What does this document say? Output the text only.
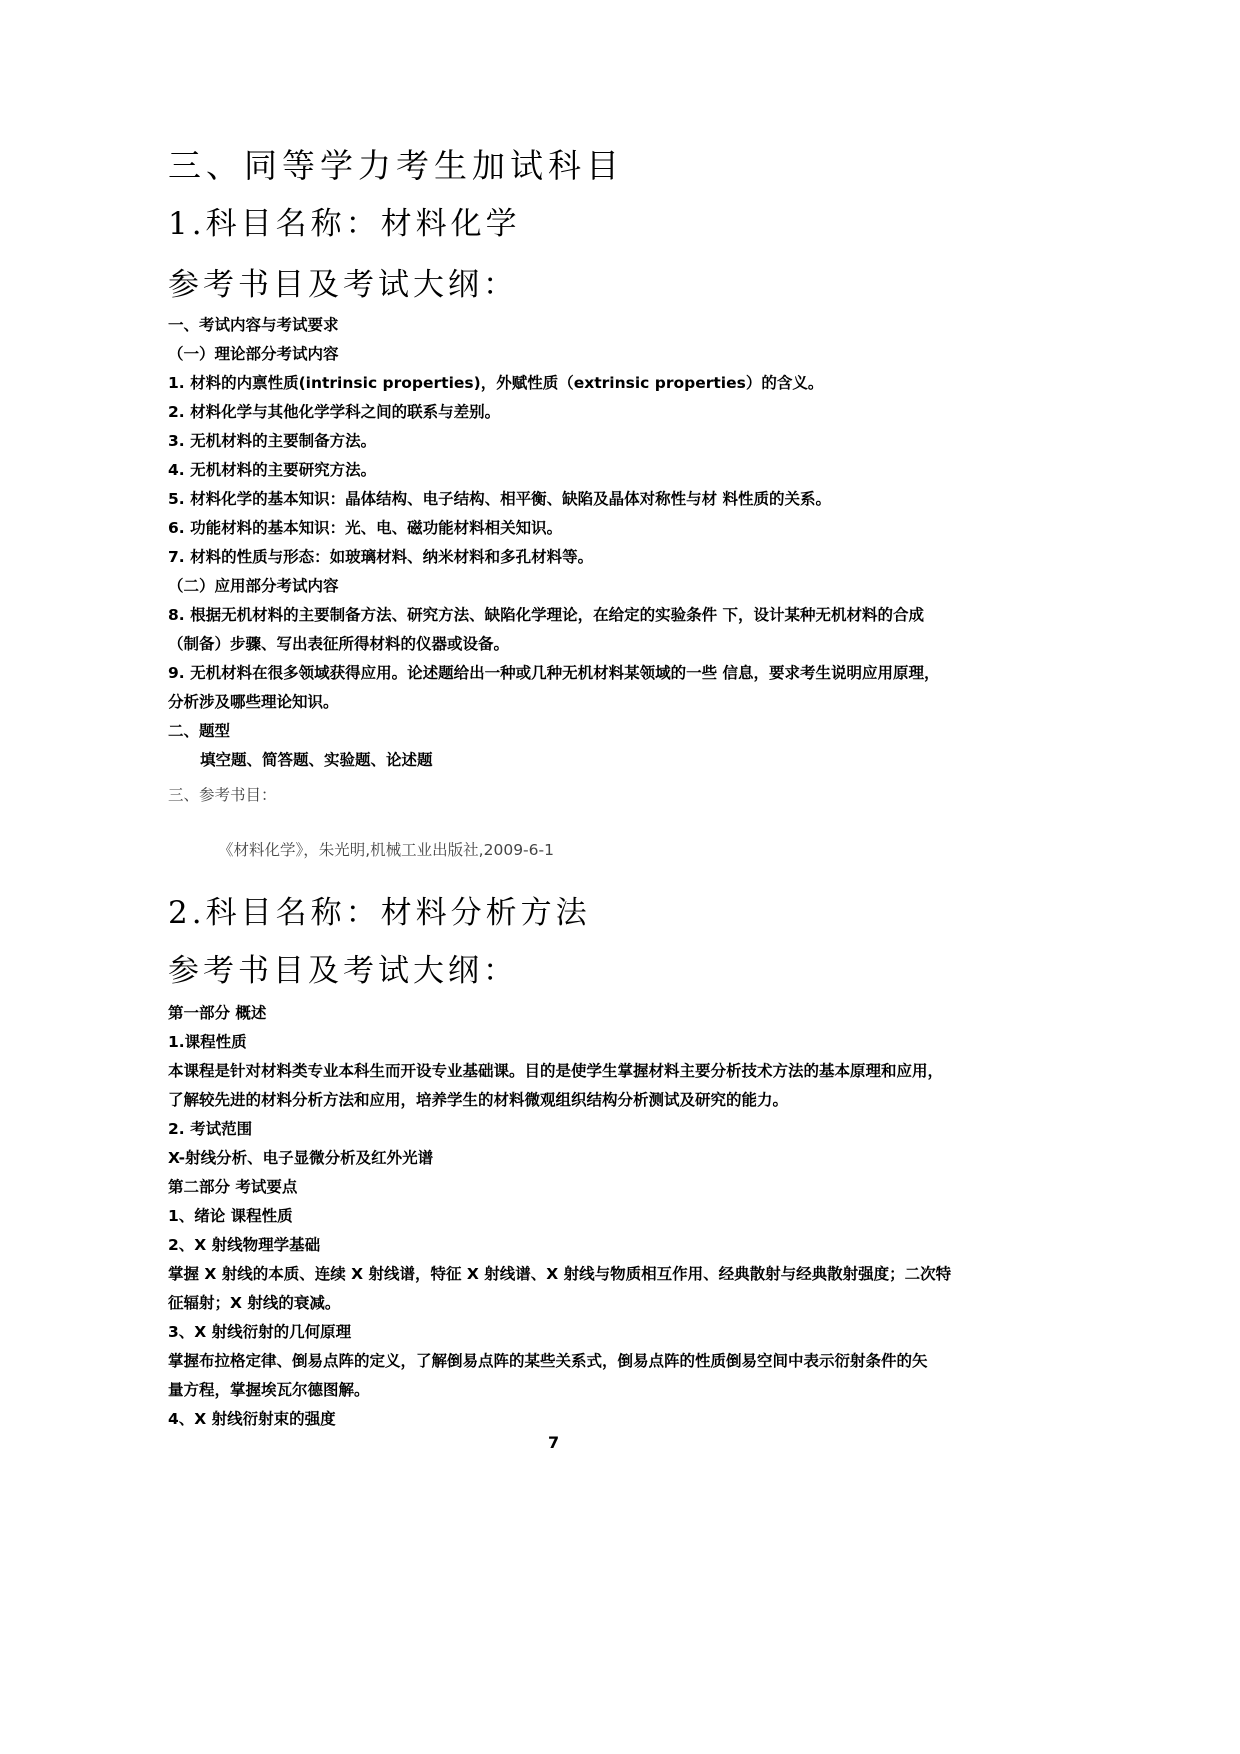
三、同等学力考生加试科目
1.科目名称：材料化学
参考书目及考试大纲：
一、考试内容与考试要求
（一）理论部分考试内容
1. 材料的内禀性质(intrinsic properties)，外赋性质（extrinsic properties）的含义。
2. 材料化学与其他化学学科之间的联系与差别。
3. 无机材料的主要制备方法。
4. 无机材料的主要研究方法。
5. 材料化学的基本知识：晶体结构、电子结构、相平衡、缺陷及晶体对称性与材 料性质的关系。
6. 功能材料的基本知识：光、电、磁功能材料相关知识。
7. 材料的性质与形态：如玻璃材料、纳米材料和多孔材料等。
（二）应用部分考试内容
8. 根据无机材料的主要制备方法、研究方法、缺陷化学理论，在给定的实验条件 下，设计某种无机材料的合成
（制备）步骤、写出表征所得材料的仪器或设备。
9. 无机材料在很多领域获得应用。论述题给出一种或几种无机材料某领域的一些 信息，要求考生说明应用原理，
分析涉及哪些理论知识。
二、题型
填空题、简答题、实验题、论述题
三、参考书目：
《材料化学》，朱光明,机械工业出版社,2009-6-1
2.科目名称：材料分析方法
参考书目及考试大纲：
第一部分 概述
1.课程性质
本课程是针对材料类专业本科生而开设专业基础课。目的是使学生掌握材料主要分析技术方法的基本原理和应用，
了解较先进的材料分析方法和应用，培养学生的材料微观组织结构分析测试及研究的能力。
2. 考试范围
X-射线分析、电子显微分析及红外光谱
第二部分 考试要点
1、绪论 课程性质
2、X 射线物理学基础
掌握 X 射线的本质、连续 X 射线谱，特征 X 射线谱、X 射线与物质相互作用、经典散射与经典散射强度；二次特
征辐射；X 射线的衰减。
3、X 射线衍射的几何原理
掌握布拉格定律、倒易点阵的定义，了解倒易点阵的某些关系式，倒易点阵的性质倒易空间中表示衍射条件的矢
量方程，掌握埃瓦尔德图解。
4、X 射线衍射束的强度
7
